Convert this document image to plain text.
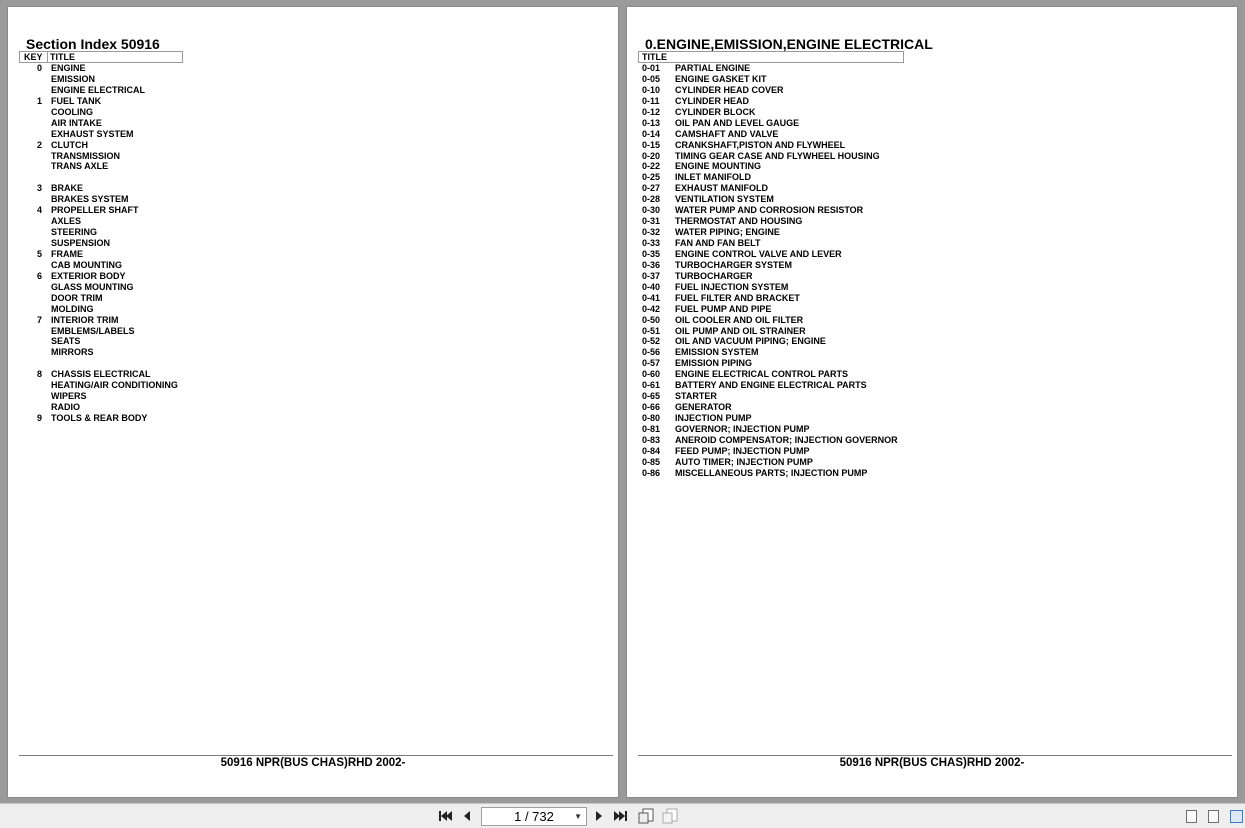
Section Index 50916
KEY TITLE
0 ENGINE
EMISSION
ENGINE ELECTRICAL
1 FUEL TANK
COOLING
AIR INTAKE
EXHAUST SYSTEM
2 CLUTCH
TRANSMISSION
TRANS AXLE
3 BRAKE
BRAKES SYSTEM
4 PROPELLER SHAFT
AXLES
STEERING
SUSPENSION
5 FRAME
CAB MOUNTING
6 EXTERIOR BODY
GLASS MOUNTING
DOOR TRIM
MOLDING
7 INTERIOR TRIM
EMBLEMS/LABELS
SEATS
MIRRORS
8 CHASSIS ELECTRICAL
HEATING/AIR CONDITIONING
WIPERS
RADIO
9 TOOLS & REAR BODY
50916 NPR(BUS CHAS)RHD 2002-
0.ENGINE,EMISSION,ENGINE ELECTRICAL
TITLE
0-01 PARTIAL ENGINE
0-05 ENGINE GASKET KIT
0-10 CYLINDER HEAD COVER
0-11 CYLINDER HEAD
0-12 CYLINDER BLOCK
0-13 OIL PAN AND LEVEL GAUGE
0-14 CAMSHAFT AND VALVE
0-15 CRANKSHAFT,PISTON AND FLYWHEEL
0-20 TIMING GEAR CASE AND FLYWHEEL HOUSING
0-22 ENGINE MOUNTING
0-25 INLET MANIFOLD
0-27 EXHAUST MANIFOLD
0-28 VENTILATION SYSTEM
0-30 WATER PUMP AND CORROSION RESISTOR
0-31 THERMOSTAT AND HOUSING
0-32 WATER PIPING; ENGINE
0-33 FAN AND FAN BELT
0-35 ENGINE CONTROL VALVE AND LEVER
0-36 TURBOCHARGER SYSTEM
0-37 TURBOCHARGER
0-40 FUEL INJECTION SYSTEM
0-41 FUEL FILTER AND BRACKET
0-42 FUEL PUMP AND PIPE
0-50 OIL COOLER AND OIL FILTER
0-51 OIL PUMP AND OIL STRAINER
0-52 OIL AND VACUUM PIPING; ENGINE
0-56 EMISSION SYSTEM
0-57 EMISSION PIPING
0-60 ENGINE ELECTRICAL CONTROL PARTS
0-61 BATTERY AND ENGINE ELECTRICAL PARTS
0-65 STARTER
0-66 GENERATOR
0-80 INJECTION PUMP
0-81 GOVERNOR; INJECTION PUMP
0-83 ANEROID COMPENSATOR; INJECTION GOVERNOR
0-84 FEED PUMP; INJECTION PUMP
0-85 AUTO TIMER; INJECTION PUMP
0-86 MISCELLANEOUS PARTS; INJECTION PUMP
50916 NPR(BUS CHAS)RHD 2002-
1 / 732	▼
